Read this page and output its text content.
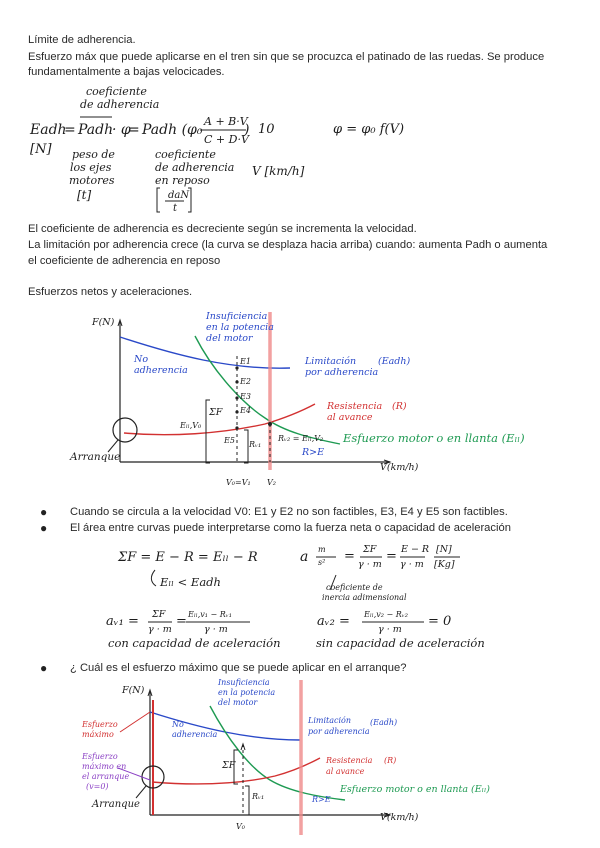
Límite de adherencia.
Esfuerzo máx que puede aplicarse en el tren sin que se procuzca el patinado de las ruedas. Se produce
fundamentalmente a bajas velocicades.
coeficiente
de adherencia
Eadh
= Padh
· φ
= Padh (φ₀
A + B·V
C + D·V
) 10	φ = φ₀ f(V)
[N] peso de
los ejes
motores
[t]
coeficiente
de adherencia
en reposo
daN
t
V [km/h]
El coeficiente de adherencia es decreciente según se incrementa la velocidad.
La limitación por adherencia crece (la curva se desplaza hacia arriba) cuando: aumenta Padh o aumenta
el coeficiente de adherencia en reposo
Esfuerzos netos y aceleraciones.
F(N)
V(km/h)
Insuficiencia
en la potencia
del motor
No
adherencia
Limitación
por adherencia
(Eadh)
Resistencia
al avance
(R)
Esfuerzo motor o en llanta (Eₗₗ)
R>E
Arranque
E1
E2
E3
E4
E5
ΣF
Eₗₗ,V₀
Rᵥ₁
Rᵥ₂ = Eₗₗ,V₂
V₀=V₁ V₂
● Cuando se circula a la velocidad V0: E1 y E2 no son factibles, E3, E4 y E5 son factibles.
● El área entre curvas puede interpretarse como la fuerza neta o capacidad de aceleración
ΣF = E − R = Eₗₗ − R
Eₗₗ < Eadh
a m
s² = ΣF
γ · m
= E − R
γ · m
[N]
[Kg]
coeficiente de
inercia adimensional
aᵥ₁ = ΣF
γ · m
= Eₗₗ,v₁ − Rᵥ₁
γ · m
con capacidad de aceleración
aᵥ₂ = Eₗₗ,v₂ − Rᵥ₂
γ · m
= 0
sin capacidad de aceleración
● ¿ Cuál es el esfuerzo máximo que se puede aplicar en el arranque?
F(N)
V(km/h)
Insuficiencia
en la potencia
del motor
No
adherencia
Limitación
por adherencia
(Eadh)
Resistencia
al avance
(R)
Esfuerzo motor o en llanta (Eₗₗ)
R>E
Esfuerzo
máximo
Esfuerzo
máximo en
el arranque
(v=0)
Arranque
ΣF
Rᵥ₁
V₀
